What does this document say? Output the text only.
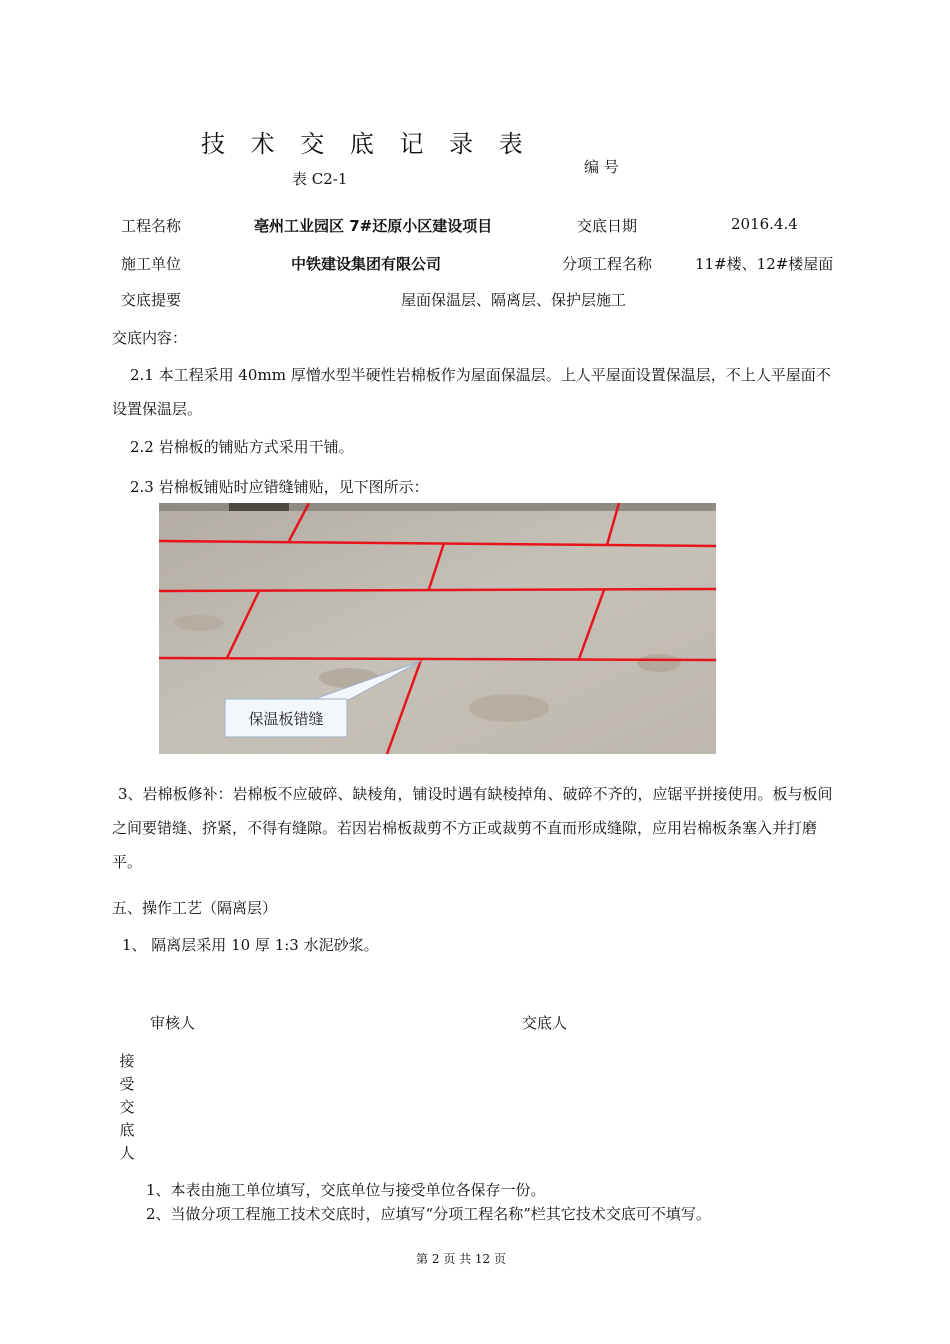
技 术 交 底 记 录 表
编 号
表 C2-1
工程名称	亳州工业园区 7#还原小区建设项目	交底日期	2016.4.4
施工单位	中铁建设集团有限公司	分项工程名称	11#楼、12#楼屋面
交底提要	屋面保温层、隔离层、保护层施工
交底内容：

2.1 本工程采用 40mm 厚憎水型半硬性岩棉板作为屋面保温层。上人平屋面设置保温层，不上人平屋面不设置保温层。

2.2 岩棉板的铺贴方式采用干铺。

2.3 岩棉板铺贴时应错缝铺贴，见下图所示：

保温板错缝

3、岩棉板修补：岩棉板不应破碎、缺棱角，铺设时遇有缺棱掉角、破碎不齐的，应锯平拼接使用。板与板间之间要错缝、挤紧，不得有缝隙。若因岩棉板裁剪不方正或裁剪不直而形成缝隙，应用岩棉板条塞入并打磨平。

五、操作工艺（隔离层）
1、 隔离层采用 10 厚 1:3 水泥砂浆。
审核人	交底人
接
受
交
底
人
1、本表由施工单位填写，交底单位与接受单位各保存一份。
2、当做分项工程施工技术交底时，应填写“分项工程名称”栏其它技术交底可不填写。
第 2 页 共 12 页
